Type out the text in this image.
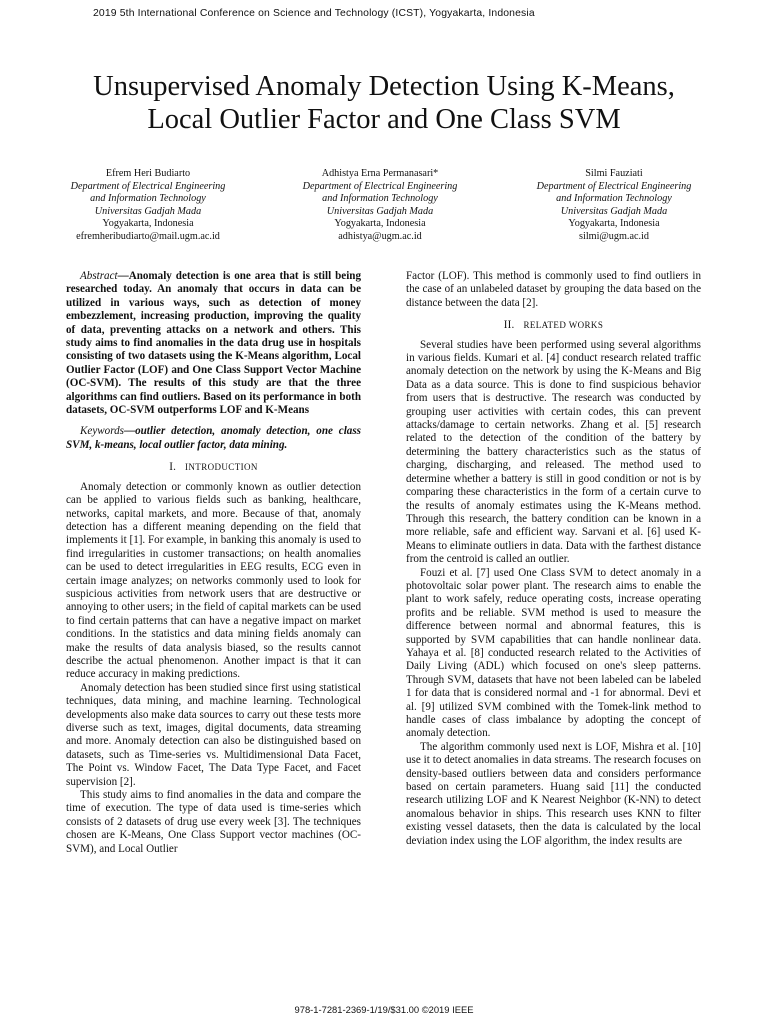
2019 5th International Conference on Science and Technology (ICST), Yogyakarta, Indonesia
Unsupervised Anomaly Detection Using K-Means,
Local Outlier Factor and One Class SVM
Efrem Heri Budiarto
Department of Electrical Engineering
and Information Technology
Universitas Gadjah Mada
Yogyakarta, Indonesia
efremheribudiarto@mail.ugm.ac.id
Adhistya Erna Permanasari*
Department of Electrical Engineering
and Information Technology
Universitas Gadjah Mada
Yogyakarta, Indonesia
adhistya@ugm.ac.id
Silmi Fauziati
Department of Electrical Engineering
and Information Technology
Universitas Gadjah Mada
Yogyakarta, Indonesia
silmi@ugm.ac.id

Abstract—Anomaly detection is one area that is still being researched today. An anomaly that occurs in data can be utilized in various ways, such as detection of money embezzlement, increasing production, improving the quality of data, preventing attacks on a network and others. This study aims to find anomalies in the data drug use in hospitals consisting of two datasets using the K-Means algorithm, Local Outlier Factor (LOF) and One Class Support Vector Machine (OC-SVM). The results of this study are that the three algorithms can find outliers. Based on its performance in both datasets, OC-SVM outperforms LOF and K-Means

Keywords—outlier detection, anomaly detection, one class SVM, k-means, local outlier factor, data mining.

I. INTRODUCTION

Anomaly detection or commonly known as outlier detection can be applied to various fields such as banking, healthcare, networks, capital markets, and more. Because of that, anomaly detection has a different meaning depending on the field that implements it [1]. For example, in banking this anomaly is used to find irregularities in customer transactions; on health anomalies can be used to detect irregularities in EEG results, ECG even in certain image analyzes; on networks commonly used to look for suspicious activities from network users that are destructive or annoying to other users; in the field of capital markets can be used to find certain patterns that can have a negative impact on market conditions. In the statistics and data mining fields anomaly can make the results of data analysis biased, so the results cannot describe the actual phenomenon. Another impact is that it can reduce accuracy in making predictions.

Anomaly detection has been studied since first using statistical techniques, data mining, and machine learning. Technological developments also make data sources to carry out these tests more diverse such as text, images, digital documents, data streaming and more. Anomaly detection can also be distinguished based on datasets, such as Time-series vs. Multidimensional Data Facet, The Point vs. Window Facet, The Data Type Facet, and Facet supervision [2].

This study aims to find anomalies in the data and compare the time of execution. The type of data used is time-series which consists of 2 datasets of drug use every week [3]. The techniques chosen are K-Means, One Class Support vector machines (OC-SVM), and Local Outlier

Factor (LOF). This method is commonly used to find outliers in the case of an unlabeled dataset by grouping the data based on the distance between the data [2].

II. RELATED WORKS

Several studies have been performed using several algorithms in various fields. Kumari et al. [4] conduct research related traffic anomaly detection on the network by using the K-Means and Big Data as a data source. This is done to find suspicious behavior from users that is destructive. The research was conducted by grouping user activities with certain codes, this can prevent attacks/damage to certain networks. Zhang et al. [5] research related to the detection of the condition of the battery by determining the battery characteristics such as the status of charging, discharging, and released. The method used to determine whether a battery is still in good condition or not is by comparing these characteristics in the form of a certain curve to the results of anomaly estimates using the K-Means method. Through this research, the battery condition can be known in a more reliable, safe and efficient way. Sarvani et al. [6] used K-Means to eliminate outliers in data. Data with the farthest distance from the centroid is called an outlier.

Fouzi et al. [7] used One Class SVM to detect anomaly in a photovoltaic solar power plant. The research aims to enable the plant to work safely, reduce operating costs, increase operating profits and be reliable. SVM method is used to measure the difference between normal and abnormal features, this is supported by SVM capabilities that can handle nonlinear data. Yahaya et al. [8] conducted research related to the Activities of Daily Living (ADL) which focused on one's sleep patterns. Through SVM, datasets that have not been labeled can be labeled 1 for data that is considered normal and -1 for abnormal. Devi et al. [9] utilized SVM combined with the Tomek-link method to handle cases of class imbalance by adopting the concept of anomaly detection.

The algorithm commonly used next is LOF, Mishra et al. [10] use it to detect anomalies in data streams. The research focuses on density-based outliers between data and considers performance based on certain parameters. Huang said [11] the conducted research utilizing LOF and K Nearest Neighbor (K-NN) to detect anomalous behavior in ships. This research uses KNN to filter existing vessel datasets, then the data is calculated by the local deviation index using the LOF algorithm, the index results are

978-1-7281-2369-1/19/$31.00 ©2019 IEEE
